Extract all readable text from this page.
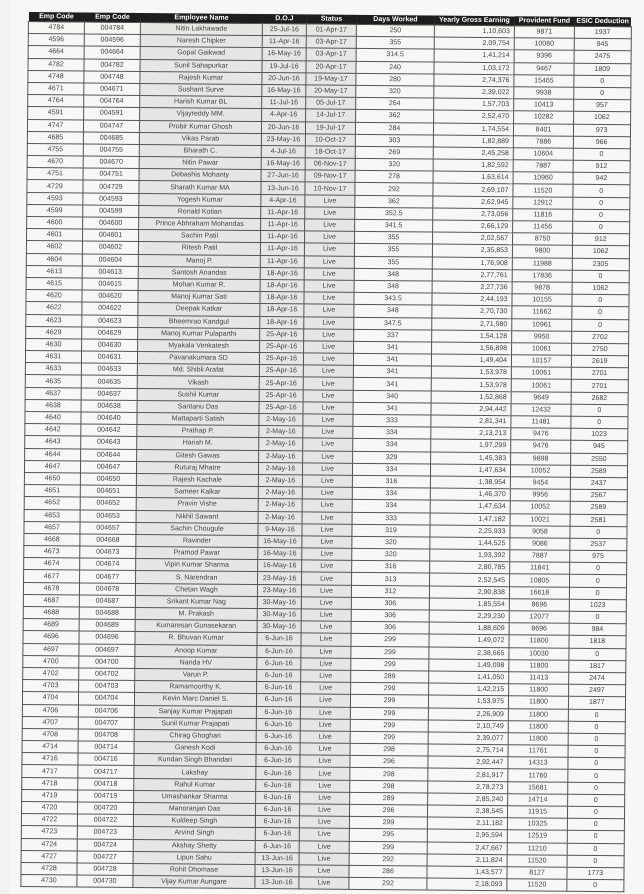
Emp Code	Emp Code	Employee Name	D.O.J	Status	Days Worked	Yearly Gross Earning	Provident Fund	ESIC Deduction
4784	004784	Nitin Lakhawade	25-Jul-16	01-Apr-17	250	1,10,603	9871	1937
4596	004596	Naresh Chipker	11-Apr-16	03-Apr-17	355	2,09,754	10080	945
4664	004664	Gopal Gaikwad	16-May-16	03-Apr-17	314.5	1,41,214	9396	2475
4782	004782	Sunil Sahapurkar	19-Jul-16	20-Apr-17	240	1,03,172	9467	1809
4748	004748	Rajesh Kumar	20-Jun-16	19-May-17	280	2,74,376	15465	0
4671	004671	Sushant Surve	16-May-16	20-May-17	320	2,39,022	9938	0
4764	004764	Harish Kumar BL	11-Jul-16	05-Jul-17	264	1,57,703	10413	957
4591	004591	Vijayreddy MM.	4-Apr-16	14-Jul-17	362	2,52,470	10282	1062
4747	004747	Probir Kumar Ghosh	20-Jun-16	19-Jul-17	284	1,74,554	8401	973
4685	004685	Vikas Parab	23-May-16	10-Oct-17	303	1,82,889	7886	966
4755	004755	Bharath C.	4-Jul-16	18-Oct-17	269	2,45,258	10604	0
4670	004670	Nitin Pawar	16-May-16	06-Nov-17	320	1,82,592	7887	912
4751	004751	Debashis Mohanty	27-Jun-16	09-Nov-17	278	1,63,614	10960	942
4729	004729	Sharath Kumar MA	13-Jun-16	10-Nov-17	292	2,69,107	11520	0
4593	004593	Yogesh Kumar	4-Apr-16	Live	362	2,62,945	12912	0
4599	004599	Ronald Kotian	11-Apr-16	Live	352.5	2,73,056	11816	0
4600	004600	Prince Abhraham Mohandas	11-Apr-16	Live	341.5	2,66,129	11456	0
4601	004601	Sachin Patil	11-Apr-16	Live	355	2,02,567	8750	912
4602	004602	Ritesh Patil	11-Apr-16	Live	355	2,35,853	9800	1062
4604	004604	Manoj P.	11-Apr-16	Live	355	1,76,908	11988	2305
4613	004613	Santosh Anandas	18-Apr-16	Live	348	2,77,761	17836	0
4615	004615	Mohan Kumar R.	18-Apr-16	Live	348	2,27,736	9878	1062
4620	004620	Manoj Kumar Sati	18-Apr-16	Live	343.5	2,44,193	10155	0
4622	004622	Deepak Katkar	18-Apr-16	Live	348	2,70,730	11662	0
4623	004623	Bheemrao Kandgul	18-Apr-16	Live	347.5	2,71,980	10961	0
4629	004629	Manoj Kumar Pulaparthi	25-Apr-16	Live	337	1,54,128	9950	2702
4630	004630	Myakala Venkatesh	25-Apr-16	Live	341	1,56,898	10061	2750
4631	004631	Pavanakumara SD	25-Apr-16	Live	341	1,49,404	10157	2619
4633	004633	Md. Shibli Arafat	25-Apr-16	Live	341	1,53,978	10061	2701
4635	004635	Vikash	25-Apr-16	Live	341	1,53,978	10061	2701
4637	004637	Sushil Kumar	25-Apr-16	Live	340	1,52,868	9649	2682
4638	004638	Santanu Das	25-Apr-16	Live	341	2,94,442	12432	0
4640	004640	Mattaparti Satish	2-May-16	Live	333	2,81,341	11481	0
4642	004642	Prathap P.	2-May-16	Live	334	2,13,213	9476	1023
4643	004643	Harish M.	2-May-16	Live	334	1,97,299	9476	945
4644	004644	Gitesh Gawas	2-May-16	Live	329	1,45,383	9898	2550
4647	004647	Ruturaj Mhatre	2-May-16	Live	334	1,47,634	10052	2589
4650	004650	Rajesh Kachale	2-May-16	Live	316	1,38,954	9454	2437
4651	004651	Sameer Kalkar	2-May-16	Live	334	1,46,370	9956	2567
4652	004652	Pravin Vishe	2-May-16	Live	334	1,47,634	10052	2589
4653	004653	Nikhil Sawant	2-May-16	Live	333	1,47,182	10021	2581
4657	004657	Sachin Chougule	9-May-16	Live	319	2,25,933	9058	0
4668	004668	Ravinder	16-May-16	Live	320	1,44,525	9086	2537
4673	004673	Pramod Pawar	16-May-16	Live	320	1,93,392	7887	975
4674	004674	Vipin Kumar Sharma	16-May-16	Live	316	2,80,785	11841	0
4677	004677	S. Narendran	23-May-16	Live	313	2,52,545	10805	0
4678	004678	Chetan Wagh	23-May-16	Live	312	2,90,838	16618	0
4687	004687	Srikant Kumar Nag	30-May-16	Live	306	1,85,554	8696	1023
4688	004688	M. Prakash	30-May-16	Live	306	2,29,230	12077	0
4689	004689	Kumaresan Gunasekaran	30-May-16	Live	306	1,88,609	8696	984
4696	004696	R. Bhuvan Kumar	6-Jun-16	Live	299	1,49,072	11800	1818
4697	004697	Anoop Kumar	6-Jun-16	Live	299	2,38,665	10030	0
4700	004700	Nanda HV	6-Jun-16	Live	299	1,49,098	11800	1817
4702	004702	Varun P.	6-Jun-16	Live	289	1,41,050	11413	2474
4703	004703	Ramamoorthy K.	6-Jun-16	Live	299	1,42,215	11800	2497
4704	004704	Kevin Marc Daniel S.	6-Jun-16	Live	299	1,53,975	11800	1877
4706	004706	Sanjay Kumar Prajapati	6-Jun-16	Live	299	2,26,909	11800	0
4707	004707	Sunil Kumar Prajapati	6-Jun-16	Live	299	2,10,749	11800	0
4708	004708	Chirag Ghoghari	6-Jun-16	Live	299	2,39,077	11800	0
4714	004714	Ganesh Kodi	6-Jun-16	Live	298	2,75,714	11761	0
4716	004716	Kundan Singh Bhandari	6-Jun-16	Live	296	2,92,447	14313	0
4717	004717	Lakshay	6-Jun-16	Live	298	2,81,917	11760	0
4718	004718	Rahul Kumar	6-Jun-16	Live	298	2,78,273	15681	0
4719	004719	Umashankar Sharma	6-Jun-16	Live	289	2,85,240	14714	0
4720	004720	Manoranjan Das	6-Jun-16	Live	296	2,38,545	11915	0
4722	004722	Kuldeep Singh	6-Jun-16	Live	299	2,11,182	10325	0
4723	004723	Arvind Singh	6-Jun-16	Live	295	2,95,594	12519	0
4724	004724	Akshay Shetty	6-Jun-16	Live	299	2,47,667	11210	0
4727	004727	Lipun Sahu	13-Jun-16	Live	292	2,11,824	11520	0
4728	004728	Rohit Dhomase	13-Jun-16	Live	286	1,43,577	8127	1773
4730	004730	Vijay Kumar Aungare	13-Jun-16	Live	292	2,18,093	11520	0
